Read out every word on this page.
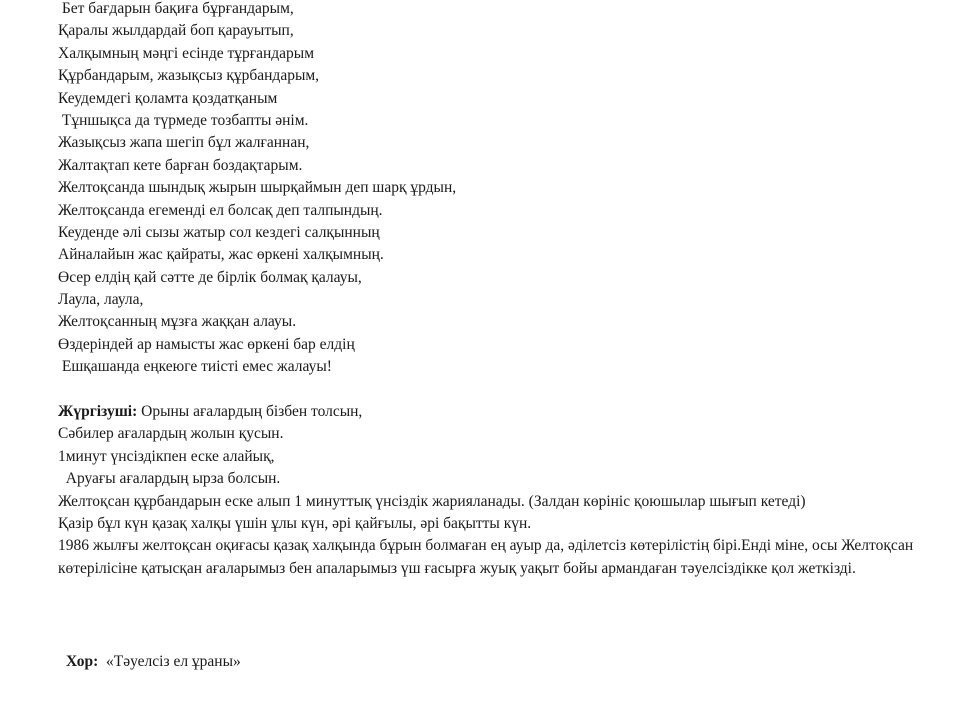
Бет бағдарын бақиға бұрғандарым,
Қаралы жылдардай боп қарауытып,
Халқымның мәңгі есінде тұрғандарым
Құрбандарым, жазықсыз құрбандарым,
Кеудемдегі қоламта қоздатқаным
Тұншықса да түрмеде тозбапты әнім.
Жазықсыз жапа шегіп бұл жалғаннан,
Жалтақтап кете барған боздақтарым.
Желтоқсанда шындық жырын шырқаймын деп шарқ ұрдын,
Желтоқсанда егеменді ел болсақ деп талпындың.
Кеуденде әлі сызы жатыр сол кездегі салқынның
Айналайын жас қайраты, жас өркені халқымның.
Өсер елдің қай сәтте де бірлік болмақ қалауы,
Лаула, лаула,
Желтоқсанның мұзға жаққан алауы.
Өздеріндей ар намысты жас өркені бар елдің
Ешқашанда еңкеюге тиісті емес жалауы!
Жүргізуші: Орыны ағалардың бізбен толсын,
Сәбилер ағалардың жолын қусын.
1минут үнсіздікпен еске алайық,
Аруағы ағалардың ырза болсын.
Желтоқсан құрбандарын еске алып 1 минуттық үнсіздік жарияланады. (Залдан көрініс қоюшылар шығып кетеді)
Қазір бұл күн қазақ халқы үшін ұлы күн, әрі қайғылы, әрі бақытты күн.
1986 жылғы желтоқсан оқиғасы қазақ халқында бұрын болмаған ең ауыр да, әділетсіз көтерілістің бірі.Енді міне, осы Желтоқсан көтерілісіне қатысқан ағаларымыз бен апаларымыз үш ғасырға жуық уақыт бойы армандаған тәуелсіздікке қол жеткізді.
Хор:  «Тәуелсіз ел ұраны»
